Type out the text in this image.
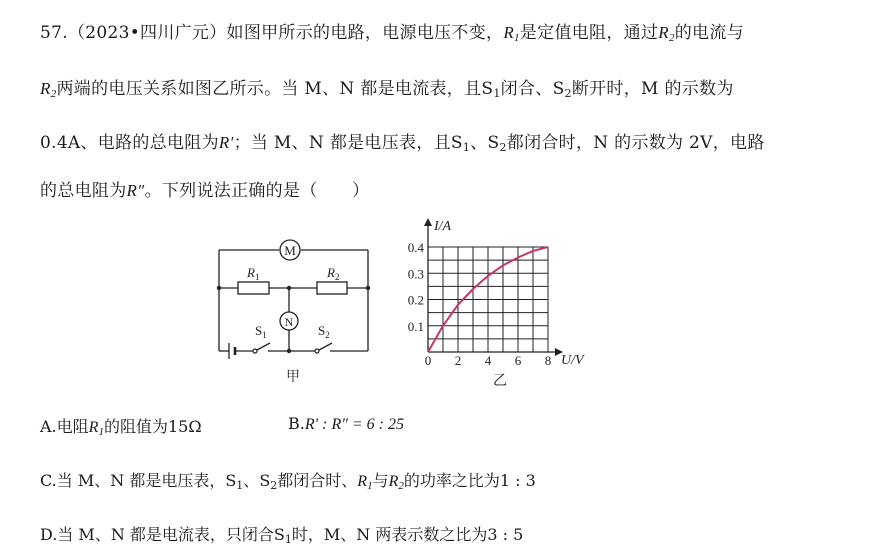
57.（2023•四川广元）如图甲所示的电路，电源电压不变，$R_1$是定值电阻，通过$R_2$的电流与
$R_2$两端的电压关系如图乙所示。当 M、N 都是电流表，且$S_1$闭合、$S_2$断开时，M 的示数为
0.4A、电路的总电阻为R′；当 M、N 都是电压表，且$S_1$、$S_2$都闭合时，N 的示数为 2V，电路
的总电阻为R″。下列说法正确的是（　　）
M
N
$R_1$	$R_2$
$S_1$	$S_2$
甲
I/A
U/V
0
0.1
0.2
0.3
0.4
2 4 6 8
乙
A.电阻$R_1$的阻值为15Ω	B.R′ : R″ = 6 : 25
C.当 M、N 都是电压表，$S_1$、$S_2$都闭合时、$R_1$与$R_2$的功率之比为1 : 3
D.当 M、N 都是电流表，只闭合$S_1$时，M、N 两表示数之比为3 : 5
